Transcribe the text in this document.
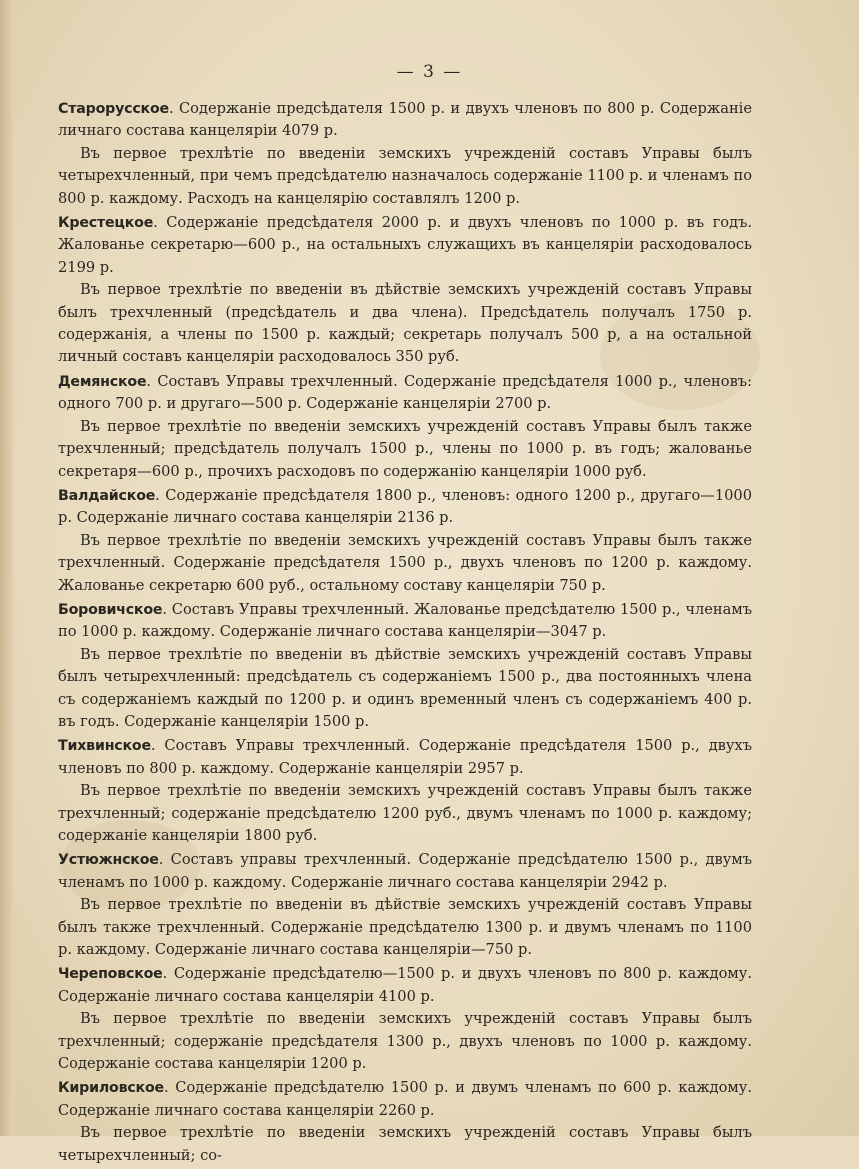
— 3 —

Старорусское. Содержаніе предсѣдателя 1500 р. и двухъ членовъ по 800 р. Содержаніе личнаго состава канцеляріи 4079 р.

Въ первое трехлѣтіе по введеніи земскихъ учрежденій составъ Управы былъ четырехчленный, при чемъ предсѣдателю назначалось содержаніе 1100 р. и членамъ по 800 р. каждому. Расходъ на канцелярію составлялъ 1200 р.

Крестецкое. Содержаніе предсѣдателя 2000 р. и двухъ членовъ по 1000 р. въ годъ. Жалованье секретарю—600 р., на остальныхъ служащихъ въ канцеляріи расходовалось 2199 р.

Въ первое трехлѣтіе по введеніи въ дѣйствіе земскихъ учрежденій составъ Управы былъ трехчленный (предсѣдатель и два члена). Предсѣдатель получалъ 1750 р. содержанія, а члены по 1500 р. каждый; секретарь получалъ 500 р, а на остальной личный составъ канцеляріи расходовалось 350 руб.

Демянское. Составъ Управы трехчленный. Содержаніе предсѣдателя 1000 р., членовъ: одного 700 р. и другаго—500 р. Содержаніе канцеляріи 2700 р.

Въ первое трехлѣтіе по введеніи земскихъ учрежденій составъ Управы былъ также трехчленный; предсѣдатель получалъ 1500 р., члены по 1000 р. въ годъ; жалованье секретаря—600 р., прочихъ расходовъ по содержанію канцеляріи 1000 руб.

Валдайское. Содержаніе предсѣдателя 1800 р., членовъ: одного 1200 р., другаго—1000 р. Содержаніе личнаго состава канцеляріи 2136 р.

Въ первое трехлѣтіе по введеніи земскихъ учрежденій составъ Управы былъ также трехчленный. Содержаніе предсѣдателя 1500 р., двухъ членовъ по 1200 р. каждому. Жалованье секретарю 600 руб., остальному составу канцеляріи 750 р.

Боровичское. Составъ Управы трехчленный. Жалованье предсѣдателю 1500 р., членамъ по 1000 р. каждому. Содержаніе личнаго состава канцеляріи—3047 р.

Въ первое трехлѣтіе по введеніи въ дѣйствіе земскихъ учрежденій составъ Управы былъ четырехчленный: предсѣдатель съ содержаніемъ 1500 р., два постоянныхъ члена съ содержаніемъ каждый по 1200 р. и одинъ временный членъ съ содержаніемъ 400 р. въ годъ. Содержаніе канцеляріи 1500 р.

Тихвинское. Составъ Управы трехчленный. Содержаніе предсѣдателя 1500 р., двухъ членовъ по 800 р. каждому. Содержаніе канцеляріи 2957 р.

Въ первое трехлѣтіе по введеніи земскихъ учрежденій составъ Управы былъ также трехчленный; содержаніе предсѣдателю 1200 руб., двумъ членамъ по 1000 р. каждому; содержаніе канцеляріи 1800 руб.

Устюжнское. Составъ управы трехчленный. Содержаніе предсѣдателю 1500 р., двумъ членамъ по 1000 р. каждому. Содержаніе личнаго состава канцеляріи 2942 р.

Въ первое трехлѣтіе по введеніи въ дѣйствіе земскихъ учрежденій составъ Управы былъ также трехчленный. Содержаніе предсѣдателю 1300 р. и двумъ членамъ по 1100 р. каждому. Содержаніе личнаго состава канцеляріи—750 р.

Череповское. Содержаніе предсѣдателю—1500 р. и двухъ членовъ по 800 р. каждому. Содержаніе личнаго состава канцеляріи 4100 р.

Въ первое трехлѣтіе по введеніи земскихъ учрежденій составъ Управы былъ трехчленный; содержаніе предсѣдателя 1300 р., двухъ членовъ по 1000 р. каждому. Содержаніе состава канцеляріи 1200 р.

Кириловское. Содержаніе предсѣдателю 1500 р. и двумъ членамъ по 600 р. каждому. Содержаніе личнаго состава канцеляріи 2260 р.

Въ первое трехлѣтіе по введеніи земскихъ учрежденій составъ Управы былъ четырехчленный; со-
